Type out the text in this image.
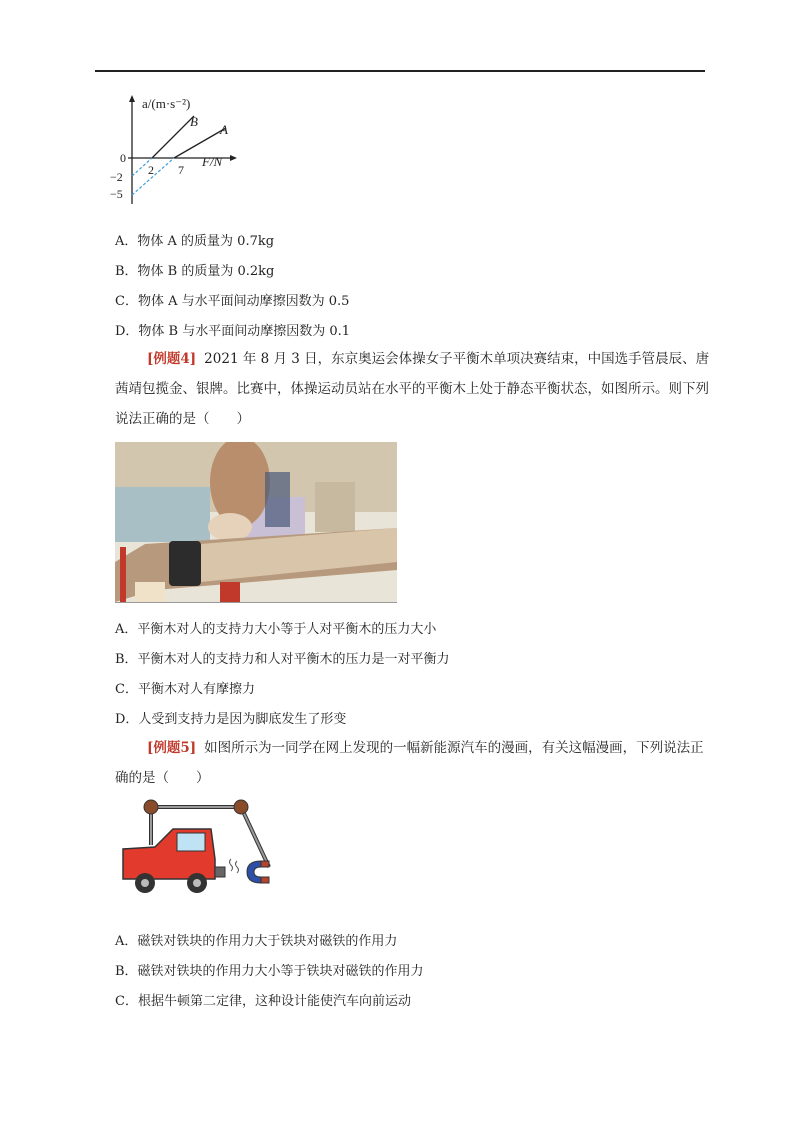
a/(m·s⁻²)
F/N
0
2 7
−2
−5
B
A
A．物体 A 的质量为 0.7kg
B．物体 B 的质量为 0.2kg
C．物体 A 与水平面间动摩擦因数为 0.5
D．物体 B 与水平面间动摩擦因数为 0.1
[例题4] 2021 年 8 月 3 日，东京奥运会体操女子平衡木单项决赛结束，中国选手管晨辰、唐茜靖包揽金、银牌。比赛中，体操运动员站在水平的平衡木上处于静态平衡状态，如图所示。则下列说法正确的是（　　）
A．平衡木对人的支持力大小等于人对平衡木的压力大小
B．平衡木对人的支持力和人对平衡木的压力是一对平衡力
C．平衡木对人有摩擦力
D．人受到支持力是因为脚底发生了形变
[例题5] 如图所示为一同学在网上发现的一幅新能源汽车的漫画，有关这幅漫画，下列说法正确的是（　　）
A．磁铁对铁块的作用力大于铁块对磁铁的作用力
B．磁铁对铁块的作用力大小等于铁块对磁铁的作用力
C．根据牛顿第二定律，这种设计能使汽车向前运动
